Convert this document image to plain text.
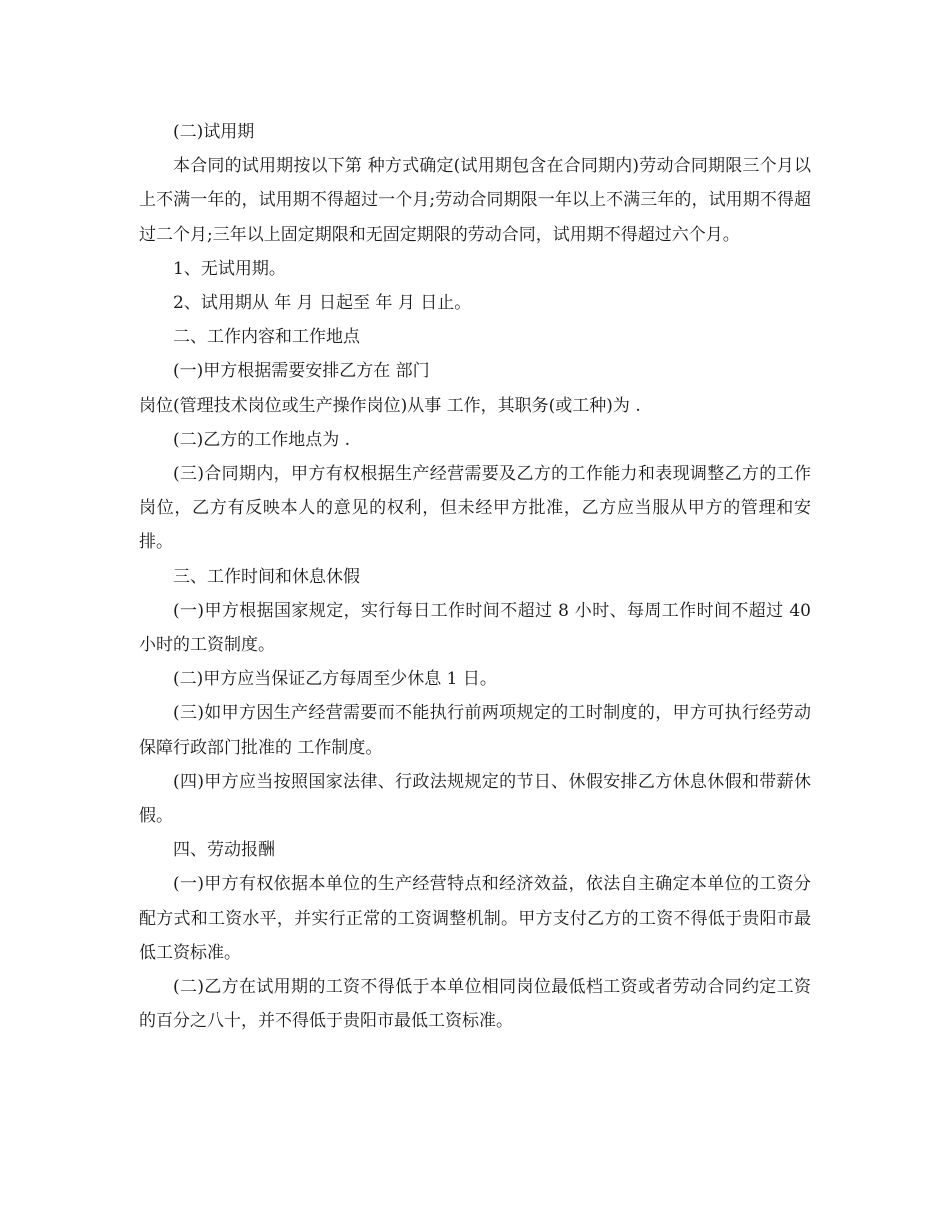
(二)试用期

本合同的试用期按以下第 种方式确定(试用期包含在合同期内)劳动合同期限三个月以上不满一年的，试用期不得超过一个月;劳动合同期限一年以上不满三年的，试用期不得超过二个月;三年以上固定期限和无固定期限的劳动合同，试用期不得超过六个月。

1、无试用期。

2、试用期从 年 月 日起至 年 月 日止。

二、工作内容和工作地点

(一)甲方根据需要安排乙方在 部门

岗位(管理技术岗位或生产操作岗位)从事 工作，其职务(或工种)为 .

(二)乙方的工作地点为 .

(三)合同期内，甲方有权根据生产经营需要及乙方的工作能力和表现调整乙方的工作岗位，乙方有反映本人的意见的权利，但未经甲方批准，乙方应当服从甲方的管理和安排。

三、工作时间和休息休假

(一)甲方根据国家规定，实行每日工作时间不超过 8 小时、每周工作时间不超过 40 小时的工资制度。

(二)甲方应当保证乙方每周至少休息 1 日。

(三)如甲方因生产经营需要而不能执行前两项规定的工时制度的，甲方可执行经劳动保障行政部门批准的 工作制度。

(四)甲方应当按照国家法律、行政法规规定的节日、休假安排乙方休息休假和带薪休假。

四、劳动报酬

(一)甲方有权依据本单位的生产经营特点和经济效益，依法自主确定本单位的工资分配方式和工资水平，并实行正常的工资调整机制。甲方支付乙方的工资不得低于贵阳市最低工资标准。

(二)乙方在试用期的工资不得低于本单位相同岗位最低档工资或者劳动合同约定工资的百分之八十，并不得低于贵阳市最低工资标准。
